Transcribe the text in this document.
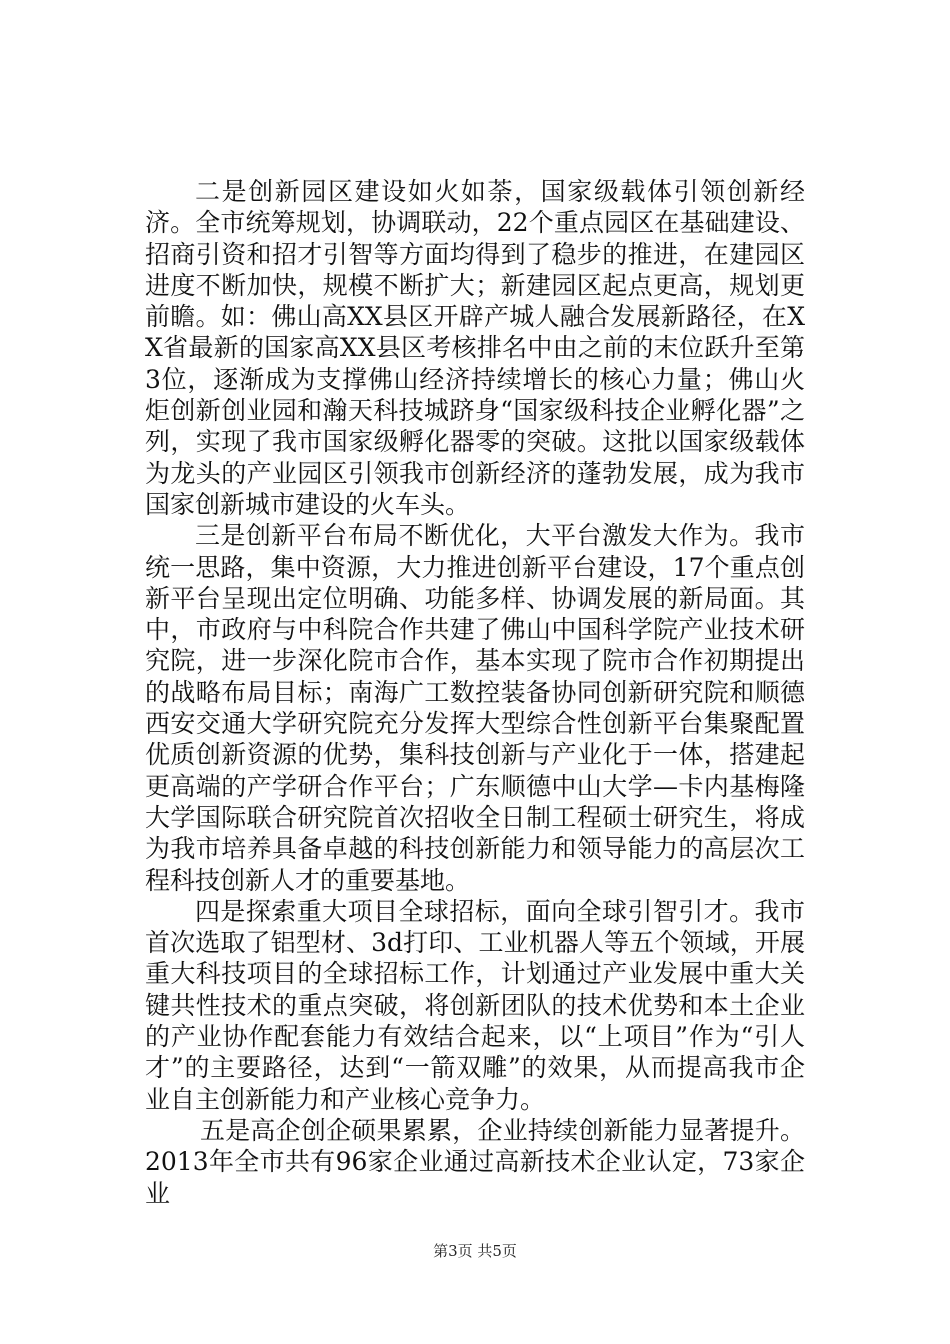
二是创新园区建设如火如荼，国家级载体引领创新经济。全市统筹规划，协调联动，22个重点园区在基础建设、招商引资和招才引智等方面均得到了稳步的推进，在建园区进度不断加快，规模不断扩大；新建园区起点更高，规划更前瞻。如：佛山高XX县区开辟产城人融合发展新路径，在XX省最新的国家高XX县区考核排名中由之前的末位跃升至第3位，逐渐成为支撑佛山经济持续增长的核心力量；佛山火炬创新创业园和瀚天科技城跻身“国家级科技企业孵化器”之列，实现了我市国家级孵化器零的突破。这批以国家级载体为龙头的产业园区引领我市创新经济的蓬勃发展，成为我市国家创新城市建设的火车头。

三是创新平台布局不断优化，大平台激发大作为。我市统一思路，集中资源，大力推进创新平台建设，17个重点创新平台呈现出定位明确、功能多样、协调发展的新局面。其中，市政府与中科院合作共建了佛山中国科学院产业技术研究院，进一步深化院市合作，基本实现了院市合作初期提出的战略布局目标；南海广工数控装备协同创新研究院和顺德西安交通大学研究院充分发挥大型综合性创新平台集聚配置优质创新资源的优势，集科技创新与产业化于一体，搭建起更高端的产学研合作平台；广东顺德中山大学—卡内基梅隆大学国际联合研究院首次招收全日制工程硕士研究生，将成为我市培养具备卓越的科技创新能力和领导能力的高层次工程科技创新人才的重要基地。

四是探索重大项目全球招标，面向全球引智引才。我市首次选取了铝型材、3d打印、工业机器人等五个领域，开展重大科技项目的全球招标工作，计划通过产业发展中重大关键共性技术的重点突破，将创新团队的技术优势和本土企业的产业协作配套能力有效结合起来，以“上项目”作为“引人才”的主要路径，达到“一箭双雕”的效果，从而提高我市企业自主创新能力和产业核心竞争力。

五是高企创企硕果累累，企业持续创新能力显著提升。2013年全市共有96家企业通过高新技术企业认定，73家企业

第3页 共5页
